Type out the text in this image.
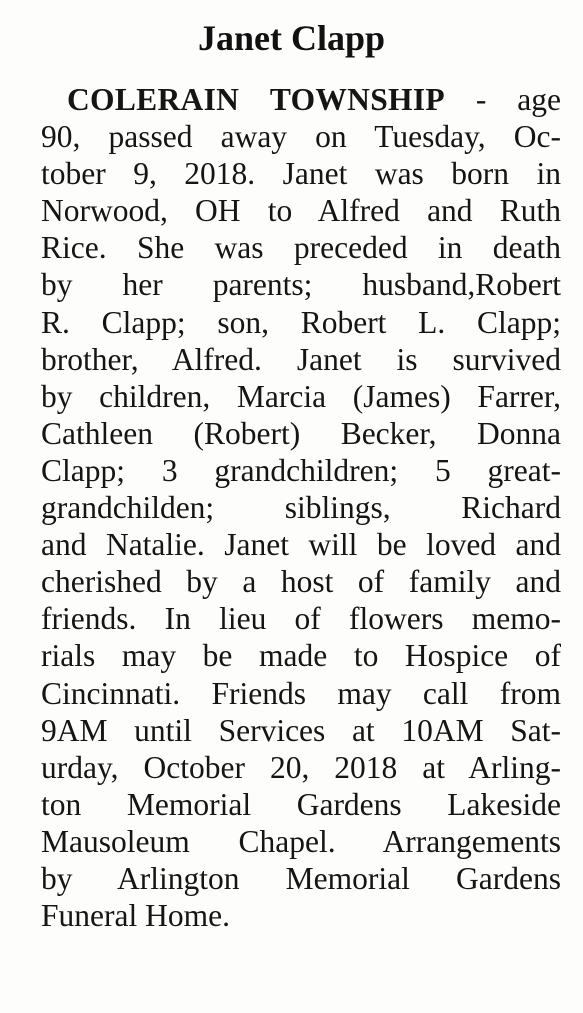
Janet Clapp
COLERAIN TOWNSHIP - age
90, passed away on Tuesday, Oc-
tober 9, 2018. Janet was born in
Norwood, OH to Alfred and Ruth
Rice. She was preceded in death
by her parents; husband,Robert
R. Clapp; son, Robert L. Clapp;
brother, Alfred. Janet is survived
by children, Marcia (James) Farrer,
Cathleen (Robert) Becker, Donna
Clapp; 3 grandchildren; 5 great-
grandchilden; siblings, Richard
and Natalie. Janet will be loved and
cherished by a host of family and
friends. In lieu of flowers memo-
rials may be made to Hospice of
Cincinnati. Friends may call from
9AM until Services at 10AM Sat-
urday, October 20, 2018 at Arling-
ton Memorial Gardens Lakeside
Mausoleum Chapel. Arrangements
by Arlington Memorial Gardens
Funeral Home.
